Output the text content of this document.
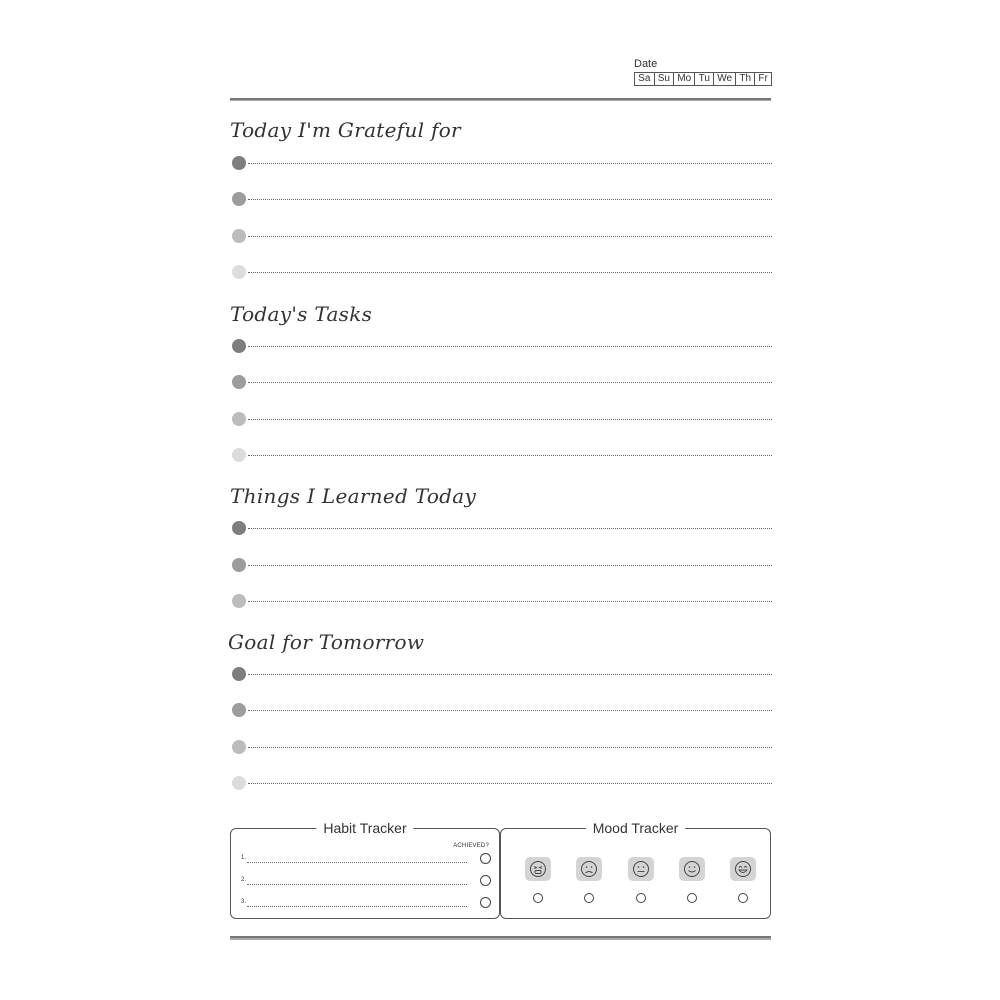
Date
Sa Su Mo Tu We Th Fr
Today I'm Grateful for
Today's Tasks
Things I Learned Today
Goal for Tomorrow
Habit Tracker
ACHIEVED?
1.
2.
3.
Mood Tracker
